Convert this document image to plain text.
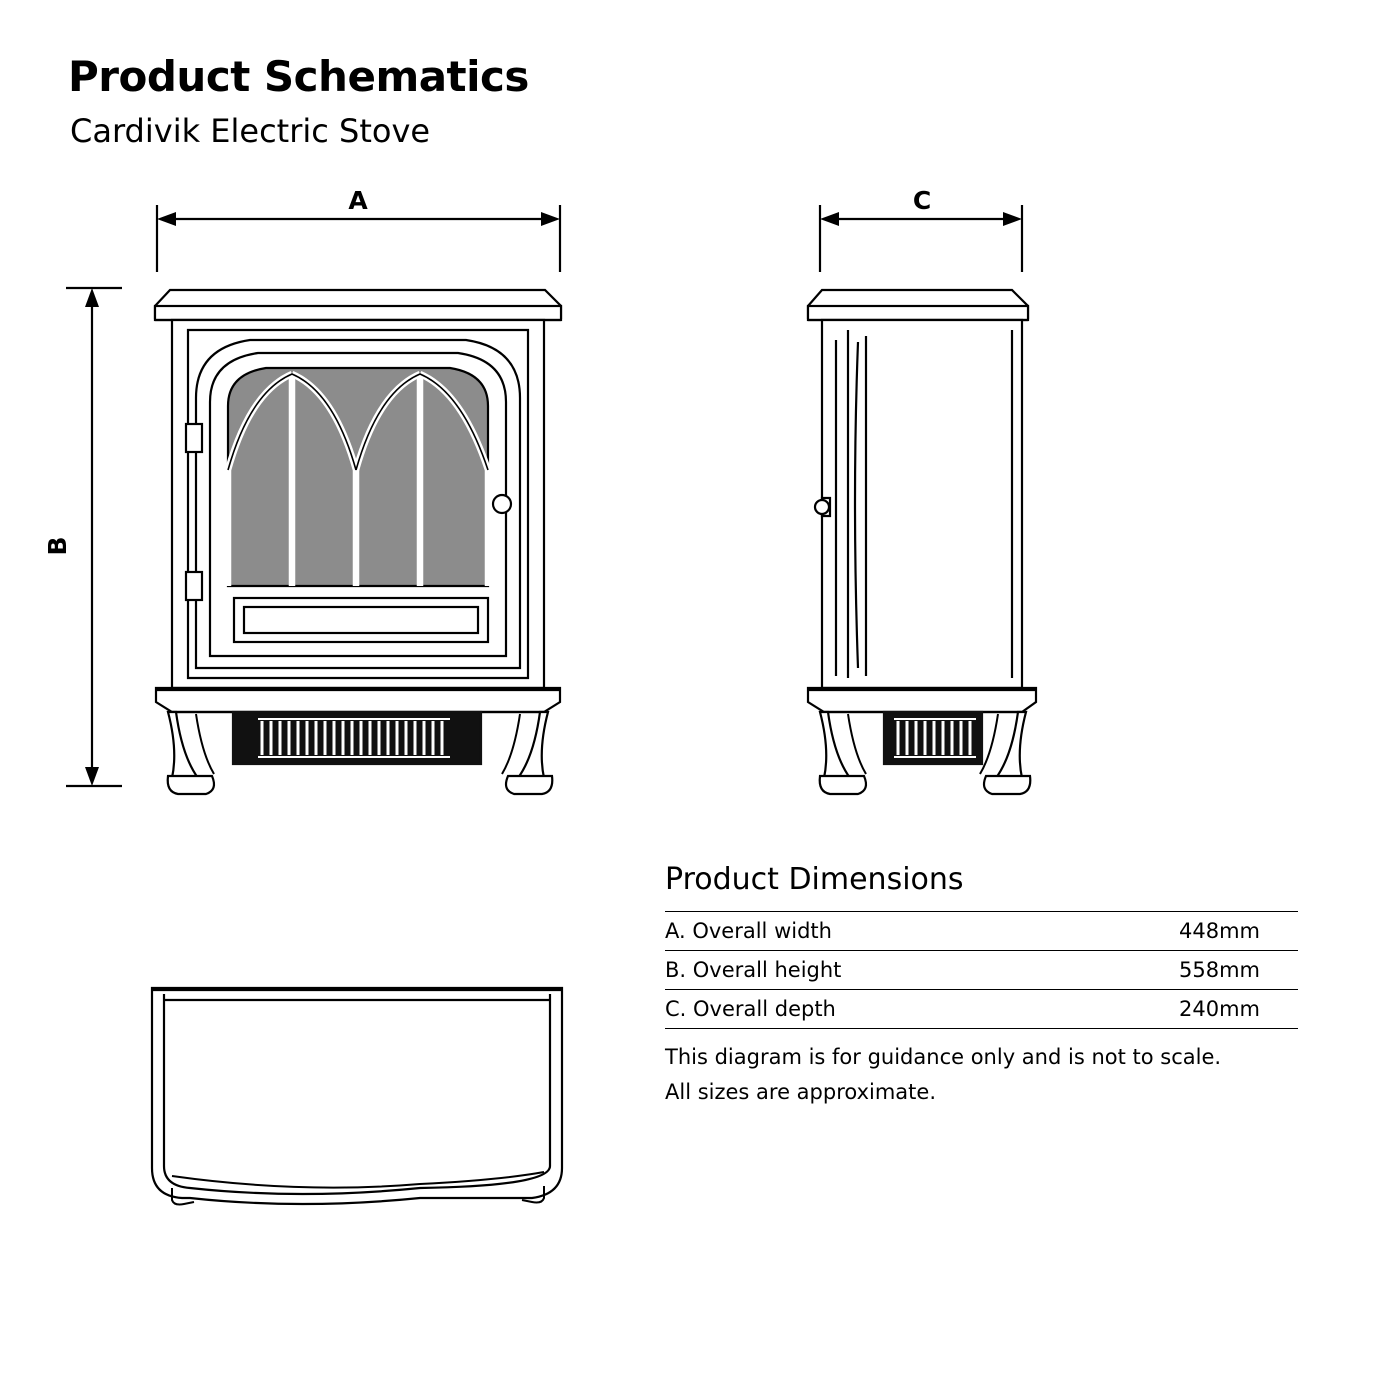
Product Schematics
Cardivik Electric Stove
A	C
B
Product Dimensions
A. Overall width	448mm
B. Overall height	558mm
C. Overall depth	240mm
This diagram is for guidance only and is not to scale.
All sizes are approximate.
